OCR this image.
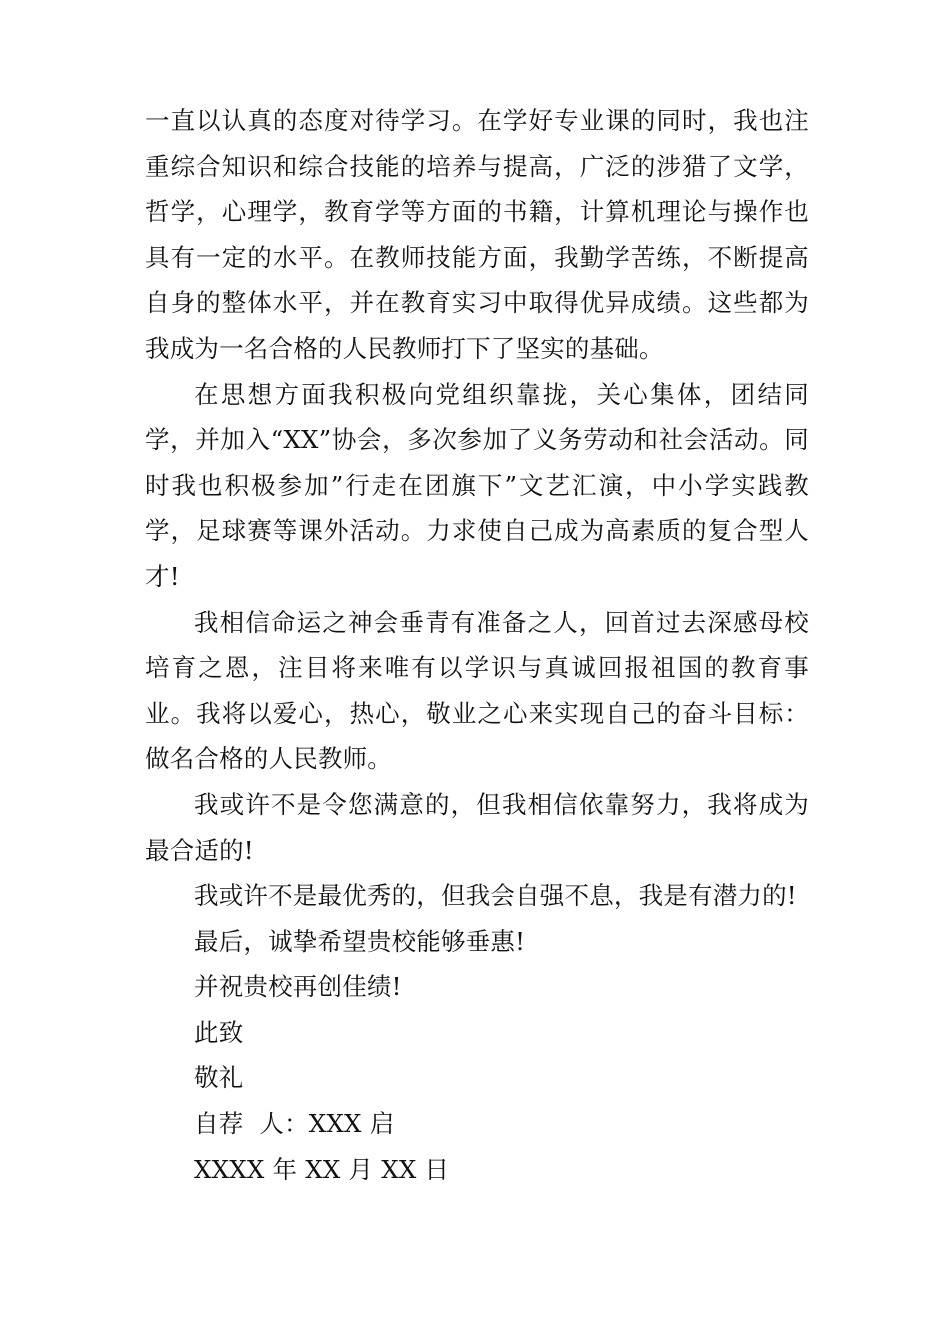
一直以认真的态度对待学习。在学好专业课的同时，我也注重综合知识和综合技能的培养与提高，广泛的涉猎了文学，哲学，心理学，教育学等方面的书籍，计算机理论与操作也具有一定的水平。在教师技能方面，我勤学苦练，不断提高自身的整体水平，并在教育实习中取得优异成绩。这些都为我成为一名合格的人民教师打下了坚实的基础。

在思想方面我积极向党组织靠拢，关心集体，团结同学，并加入“XX”协会，多次参加了义务劳动和社会活动。同时我也积极参加”行走在团旗下”文艺汇演，中小学实践教学，足球赛等课外活动。力求使自己成为高素质的复合型人才!

我相信命运之神会垂青有准备之人，回首过去深感母校培育之恩，注目将来唯有以学识与真诚回报祖国的教育事业。我将以爱心，热心，敬业之心来实现自己的奋斗目标：做名合格的人民教师。

我或许不是令您满意的，但我相信依靠努力，我将成为最合适的!

我或许不是最优秀的，但我会自强不息，我是有潜力的!

最后，诚挚希望贵校能够垂惠!

并祝贵校再创佳绩!

此致

敬礼

自荐  人：XXX 启

XXXX 年 XX 月 XX 日
